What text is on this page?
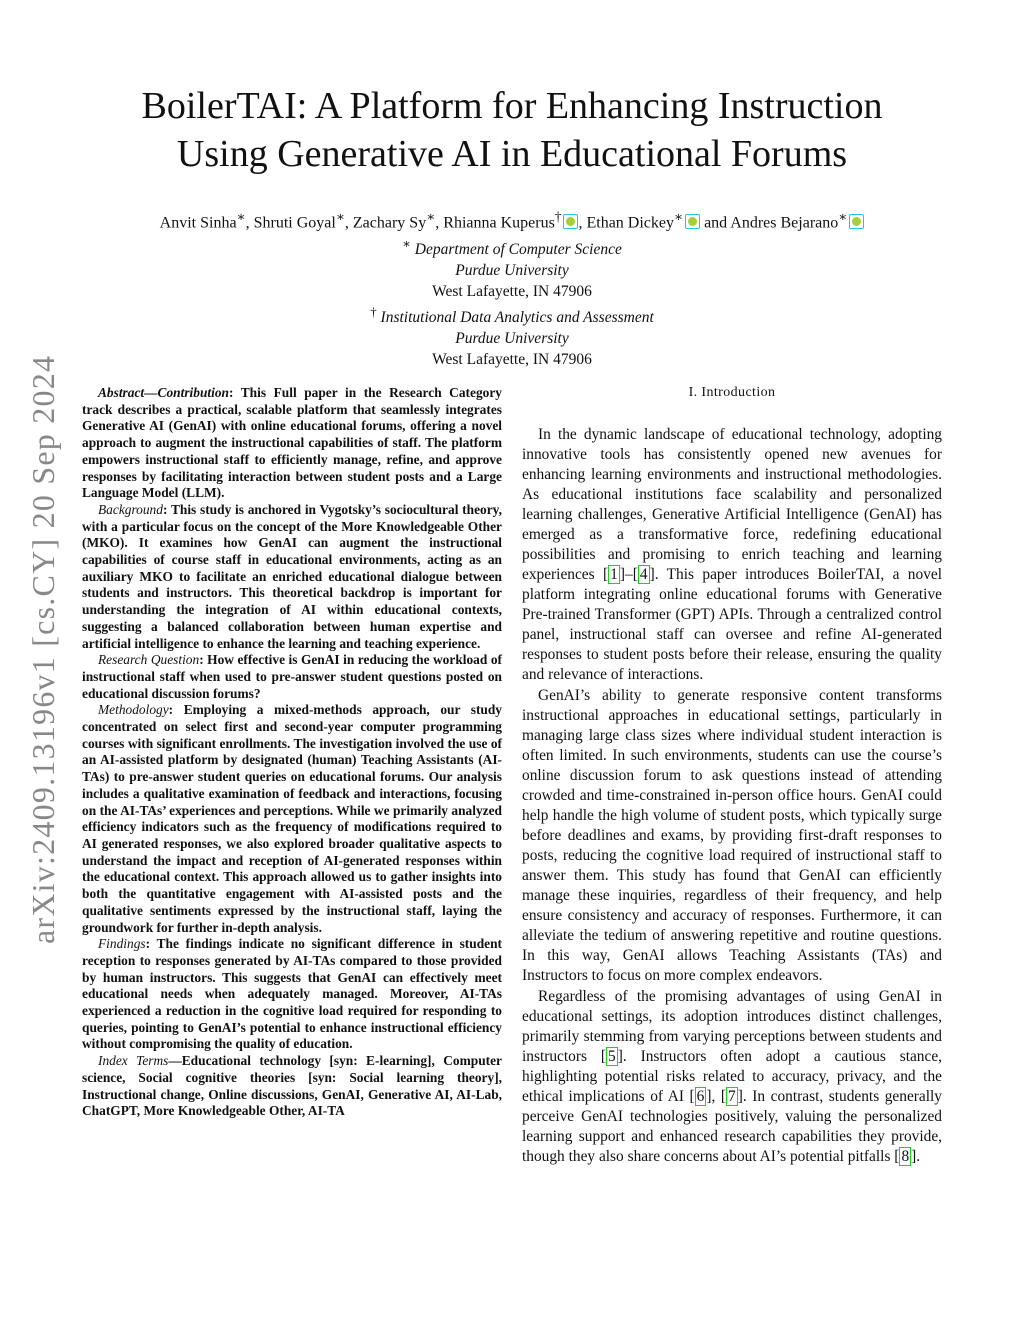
arXiv:2409.13196v1 [cs.CY] 20 Sep 2024
BoilerTAI: A Platform for Enhancing Instruction
Using Generative AI in Educational Forums
Anvit Sinha∗, Shruti Goyal∗, Zachary Sy∗, Rhianna Kuperus† , Ethan Dickey∗ and Andres Bejarano∗
∗ Department of Computer Science
Purdue University
West Lafayette, IN 47906
† Institutional Data Analytics and Assessment
Purdue University
West Lafayette, IN 47906

Abstract—Contribution: This Full paper in the Research Category track describes a practical, scalable platform that seamlessly integrates Generative AI (GenAI) with online educational forums, offering a novel approach to augment the instructional capabilities of staff. The platform empowers instructional staff to efficiently manage, refine, and approve responses by facilitating interaction between student posts and a Large Language Model (LLM).

Background: This study is anchored in Vygotsky’s sociocultural theory, with a particular focus on the concept of the More Knowledgeable Other (MKO). It examines how GenAI can augment the instructional capabilities of course staff in educational environments, acting as an auxiliary MKO to facilitate an enriched educational dialogue between students and instructors. This theoretical backdrop is important for understanding the integration of AI within educational contexts, suggesting a balanced collaboration between human expertise and artificial intelligence to enhance the learning and teaching experience.

Research Question: How effective is GenAI in reducing the workload of instructional staff when used to pre-answer student questions posted on educational discussion forums?

Methodology: Employing a mixed-methods approach, our study concentrated on select first and second-year computer programming courses with significant enrollments. The investigation involved the use of an AI-assisted platform by designated (human) Teaching Assistants (AI-TAs) to pre-answer student queries on educational forums. Our analysis includes a qualitative examination of feedback and interactions, focusing on the AI-TAs’ experiences and perceptions. While we primarily analyzed efficiency indicators such as the frequency of modifications required to AI generated responses, we also explored broader qualitative aspects to understand the impact and reception of AI-generated responses within the educational context. This approach allowed us to gather insights into both the quantitative engagement with AI-assisted posts and the qualitative sentiments expressed by the instructional staff, laying the groundwork for further in-depth analysis.

Findings: The findings indicate no significant difference in student reception to responses generated by AI-TAs compared to those provided by human instructors. This suggests that GenAI can effectively meet educational needs when adequately managed. Moreover, AI-TAs experienced a reduction in the cognitive load required for responding to queries, pointing to GenAI’s potential to enhance instructional efficiency without compromising the quality of education.

Index Terms—Educational technology [syn: E-learning], Computer science, Social cognitive theories [syn: Social learning theory], Instructional change, Online discussions, GenAI, Generative AI, AI-Lab, ChatGPT, More Knowledgeable Other, AI-TA

I. Introduction

In the dynamic landscape of educational technology, adopting innovative tools has consistently opened new avenues for enhancing learning environments and instructional methodologies. As educational institutions face scalability and personalized learning challenges, Generative Artificial Intelligence (GenAI) has emerged as a transformative force, redefining educational possibilities and promising to enrich teaching and learning experiences [ 1 ]–[ 4 ]. This paper introduces BoilerTAI, a novel platform integrating online educational forums with Generative Pre-trained Transformer (GPT) APIs. Through a centralized control panel, instructional staff can oversee and refine AI-generated responses to student posts before their release, ensuring the quality and relevance of interactions.

GenAI’s ability to generate responsive content transforms instructional approaches in educational settings, particularly in managing large class sizes where individual student interaction is often limited. In such environments, students can use the course’s online discussion forum to ask questions instead of attending crowded and time-constrained in-person office hours. GenAI could help handle the high volume of student posts, which typically surge before deadlines and exams, by providing first-draft responses to posts, reducing the cognitive load required of instructional staff to answer them. This study has found that GenAI can efficiently manage these inquiries, regardless of their frequency, and help ensure consistency and accuracy of responses. Furthermore, it can alleviate the tedium of answering repetitive and routine questions. In this way, GenAI allows Teaching Assistants (TAs) and Instructors to focus on more complex endeavors.

Regardless of the promising advantages of using GenAI in educational settings, its adoption introduces distinct challenges, primarily stemming from varying perceptions between students and instructors [ 5 ]. Instructors often adopt a cautious stance, highlighting potential risks related to accuracy, privacy, and the ethical implications of AI [ 6 ], [ 7 ]. In contrast, students generally perceive GenAI technologies positively, valuing the personalized learning support and enhanced research capabilities they provide, though they also share concerns about AI’s potential pitfalls [ 8 ].
